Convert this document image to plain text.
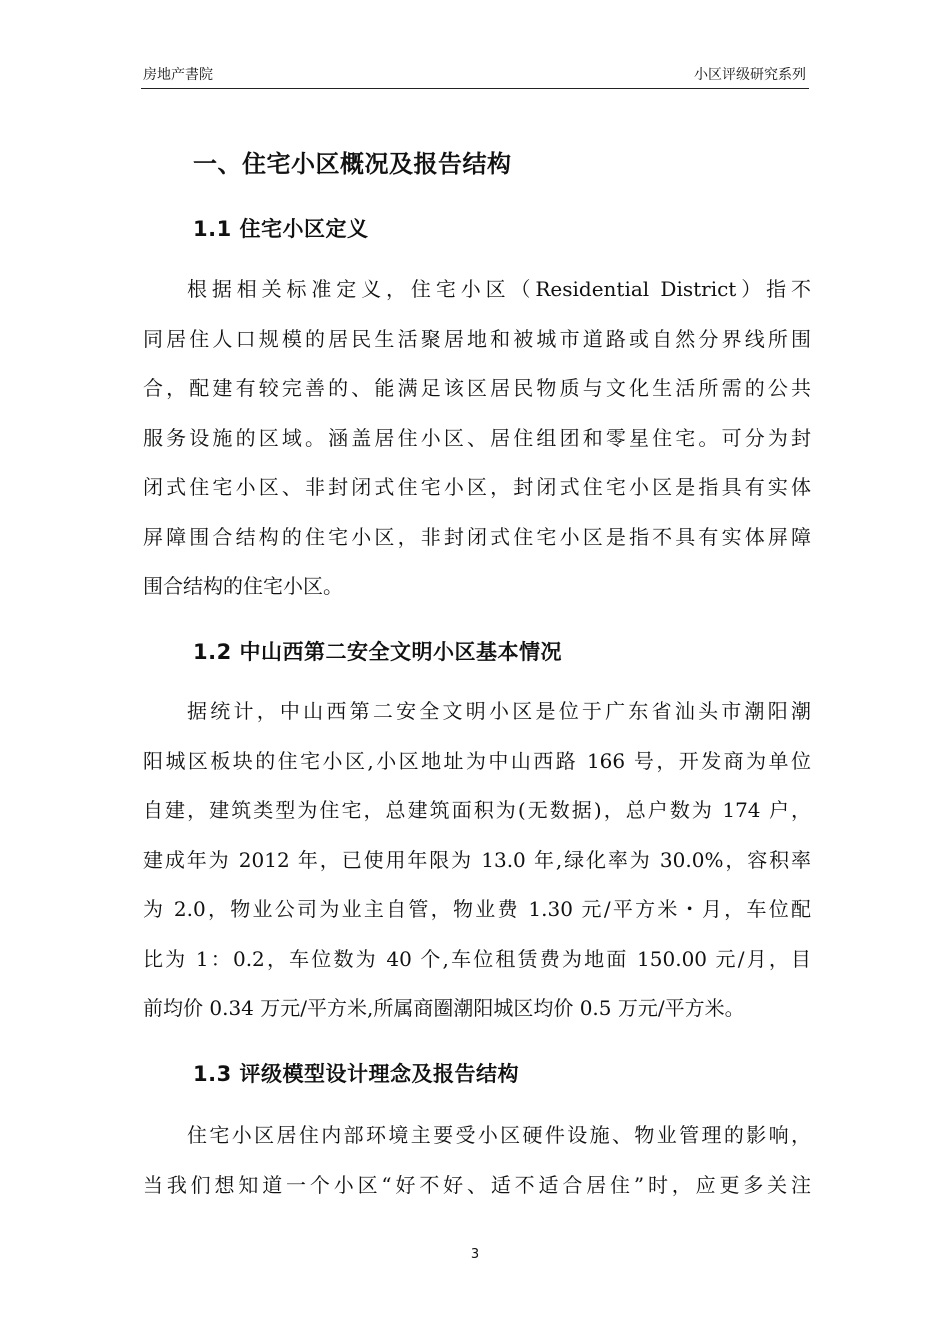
房地产書院	小区评级研究系列
一、住宅小区概况及报告结构
1.1 住宅小区定义
根据相关标准定义，住宅小区（Residential District）指不
同居住人口规模的居民生活聚居地和被城市道路或自然分界线所围
合，配建有较完善的、能满足该区居民物质与文化生活所需的公共
服务设施的区域。涵盖居住小区、居住组团和零星住宅。可分为封
闭式住宅小区、非封闭式住宅小区，封闭式住宅小区是指具有实体
屏障围合结构的住宅小区，非封闭式住宅小区是指不具有实体屏障
围合结构的住宅小区。
1.2 中山西第二安全文明小区基本情况
据统计，中山西第二安全文明小区是位于广东省汕头市潮阳潮
阳城区板块的住宅小区,小区地址为中山西路 166 号，开发商为单位
自建，建筑类型为住宅，总建筑面积为(无数据)，总户数为 174 户，
建成年为 2012 年，已使用年限为 13.0 年,绿化率为 30.0%，容积率
为 2.0，物业公司为业主自管，物业费 1.30 元/平方米・月，车位配
比为 1：0.2，车位数为 40 个,车位租赁费为地面 150.00 元/月，目
前均价 0.34 万元/平方米,所属商圈潮阳城区均价 0.5 万元/平方米。
1.3 评级模型设计理念及报告结构
住宅小区居住内部环境主要受小区硬件设施、物业管理的影响，
当我们想知道一个小区“好不好、适不适合居住”时，应更多关注
3
